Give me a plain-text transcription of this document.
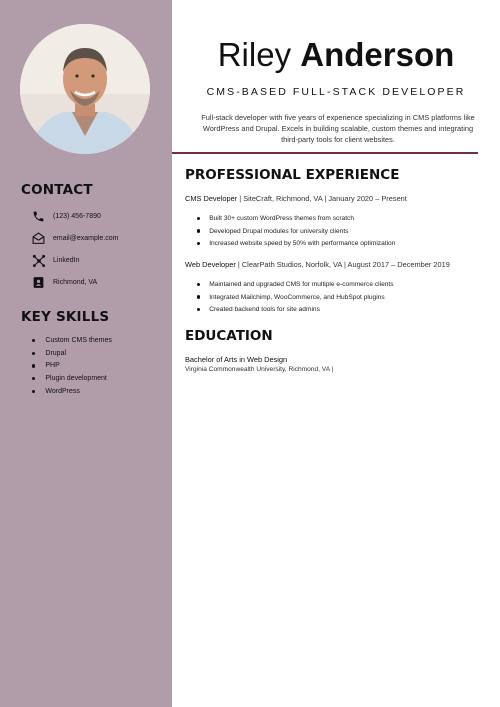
CONTACT
(123) 456-7890
email@example.com
LinkedIn
Richmond, VA
KEY SKILLS
Custom CMS themes
Drupal
PHP
Plugin development
WordPress
Riley Anderson
CMS-BASED FULL-STACK DEVELOPER
Full-stack developer with five years of experience specializing in CMS platforms like WordPress and Drupal. Excels in building scalable, custom themes and integrating third-party tools for client websites.
PROFESSIONAL EXPERIENCE
CMS Developer | SiteCraft, Richmond, VA | January 2020 – Present
Built 30+ custom WordPress themes from scratch
Developed Drupal modules for university clients
Increased website speed by 50% with performance optimization
Web Developer | ClearPath Studios, Norfolk, VA | August 2017 – December 2019
Maintained and upgraded CMS for multiple e-commerce clients
Integrated Mailchimp, WooCommerce, and HubSpot plugins
Created backend tools for site admins
EDUCATION
Bachelor of Arts in Web Design
Virginia Commonwealth University, Richmond, VA |
